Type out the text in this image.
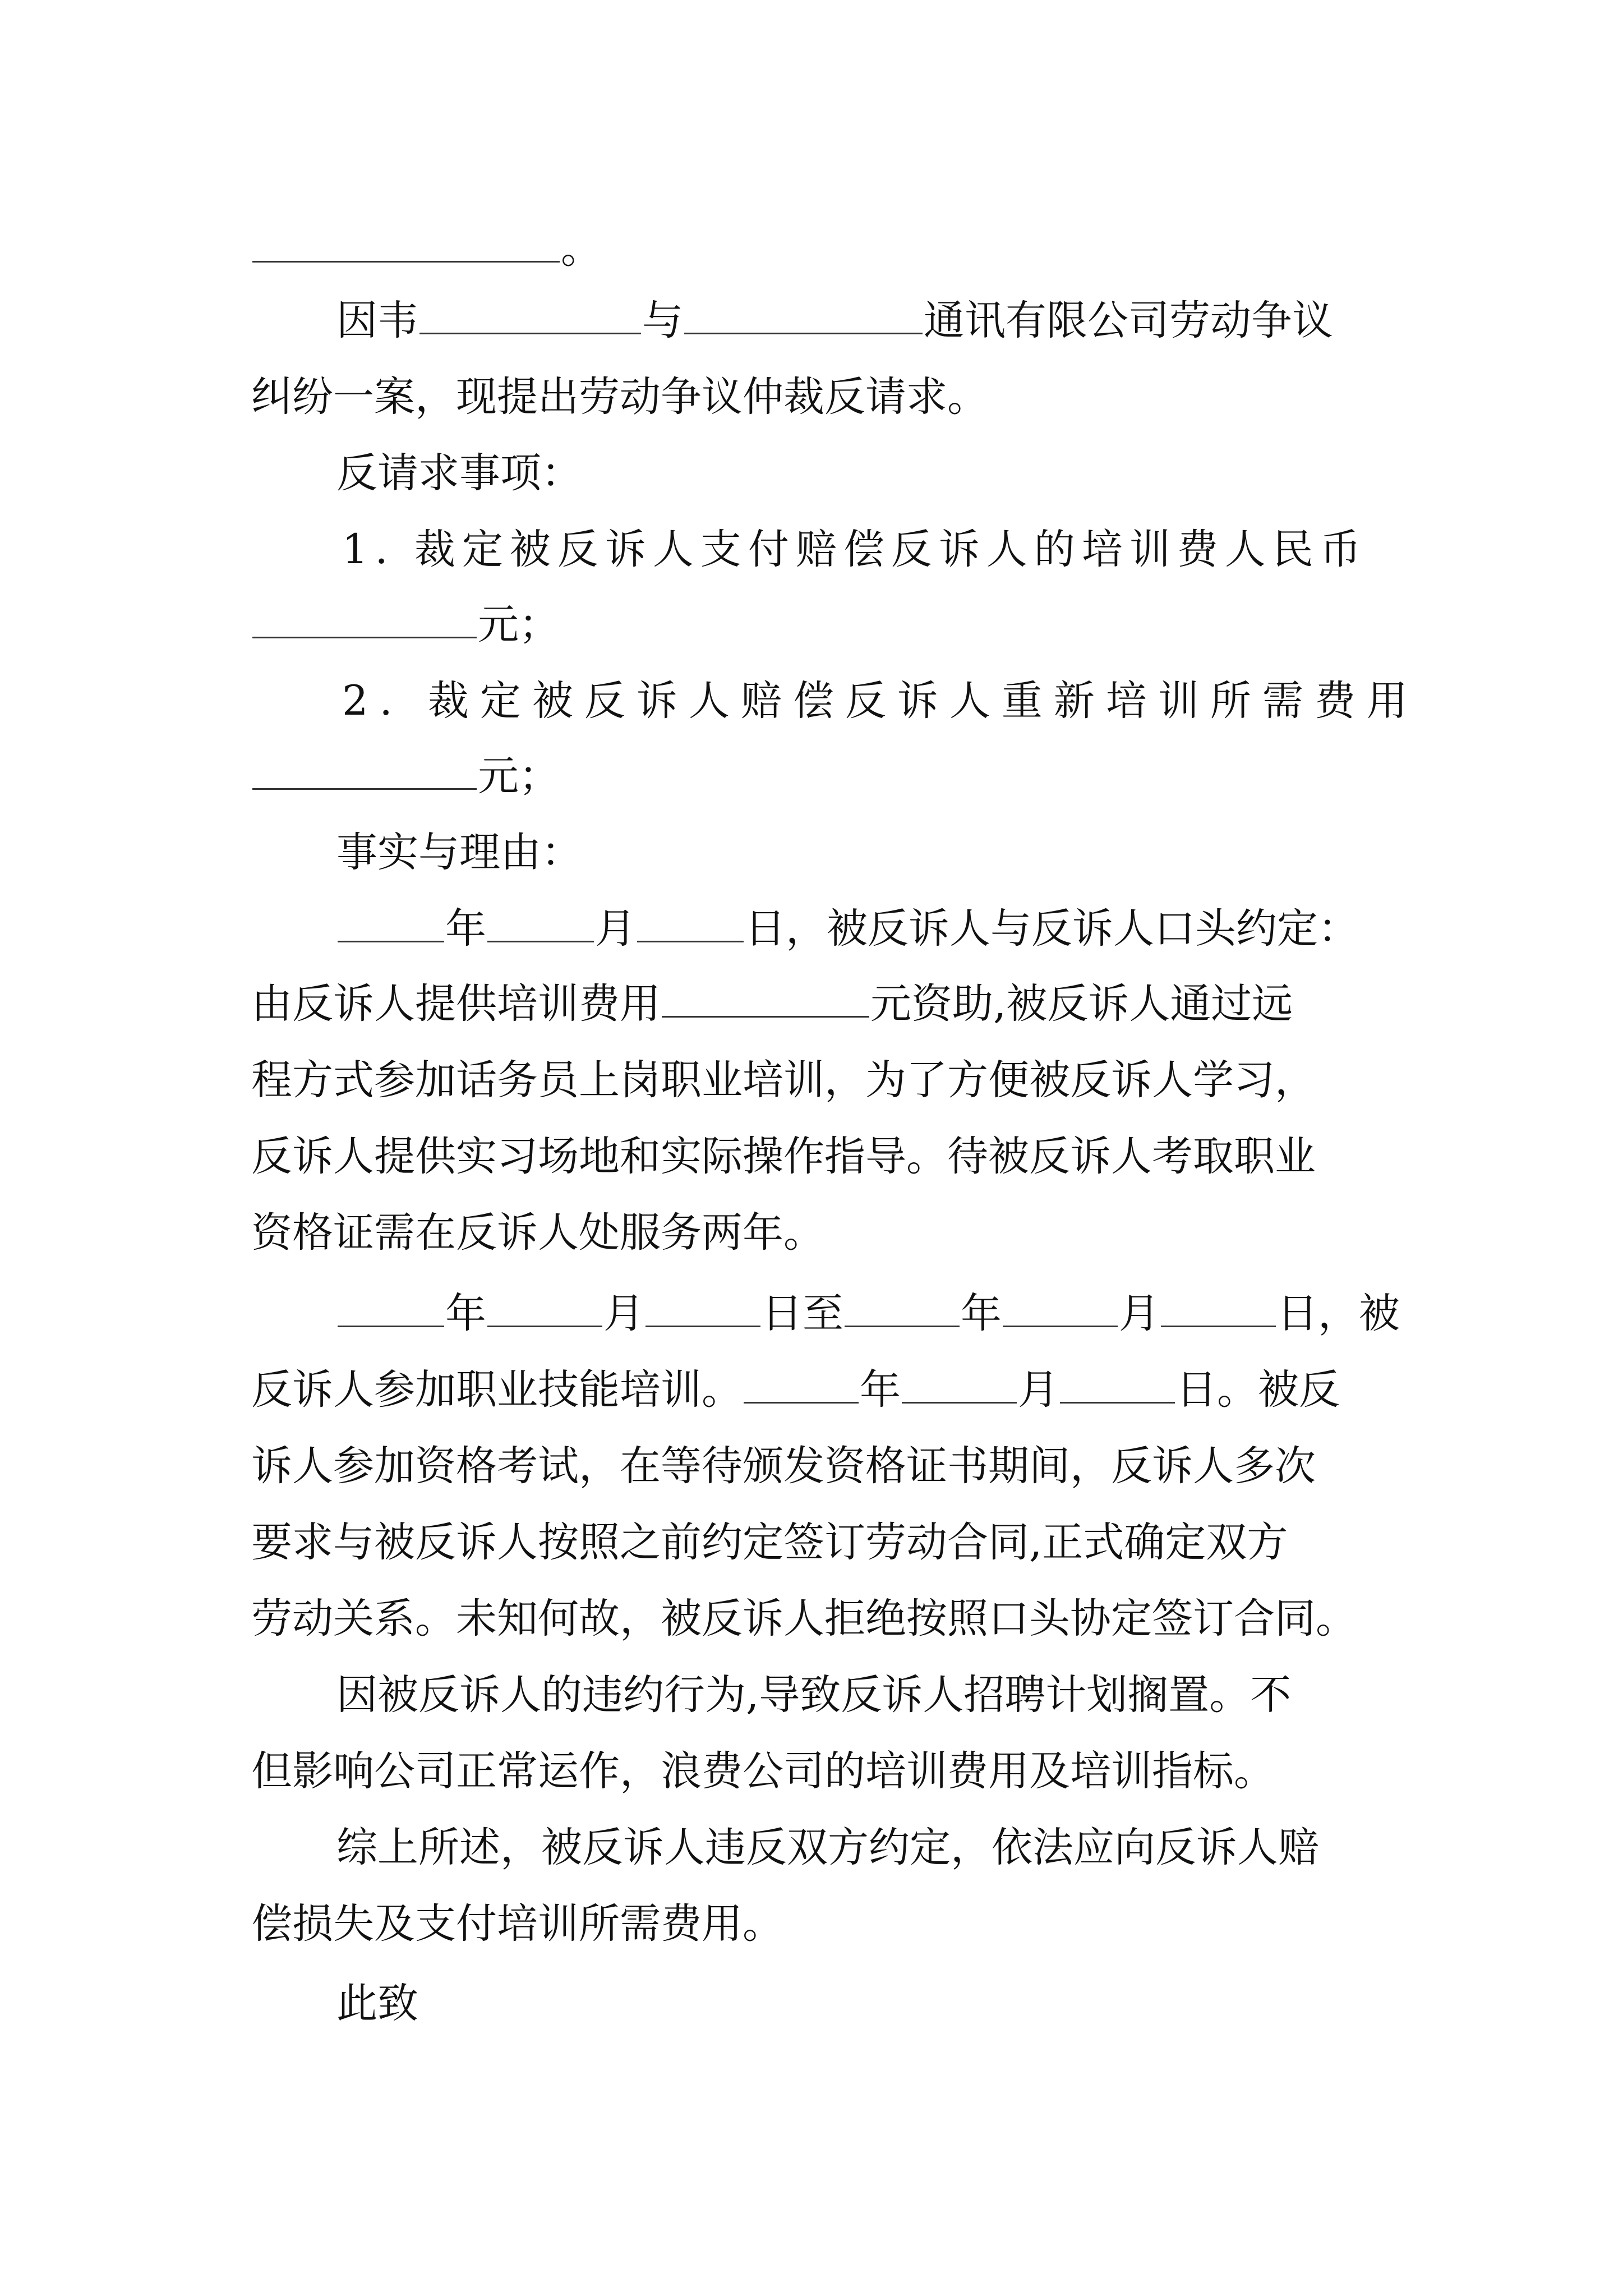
。
因韦	与	通讯有限公司劳动争议
纠纷一案，现提出劳动争议仲裁反请求。
反请求事项：
1. 裁定被反诉人支付赔偿反诉人的培训费人民币
元；
2. 裁定被反诉人赔偿反诉人重新培训所需费用
元；
事实与理由：
年	月	日，被反诉人与反诉人口头约定：
由反诉人提供培训费用	元资助,被反诉人通过远
程方式参加话务员上岗职业培训，为了方便被反诉人学习，
反诉人提供实习场地和实际操作指导。待被反诉人考取职业
资格证需在反诉人处服务两年。
年	月	日至	年	月	日，被
反诉人参加职业技能培训。	年	月	日。被反
诉人参加资格考试，在等待颁发资格证书期间，反诉人多次
要求与被反诉人按照之前约定签订劳动合同,正式确定双方
劳动关系。未知何故，被反诉人拒绝按照口头协定签订合同。
因被反诉人的违约行为,导致反诉人招聘计划搁置。不
但影响公司正常运作，浪费公司的培训费用及培训指标。
综上所述，被反诉人违反双方约定，依法应向反诉人赔
偿损失及支付培训所需费用。
此致
